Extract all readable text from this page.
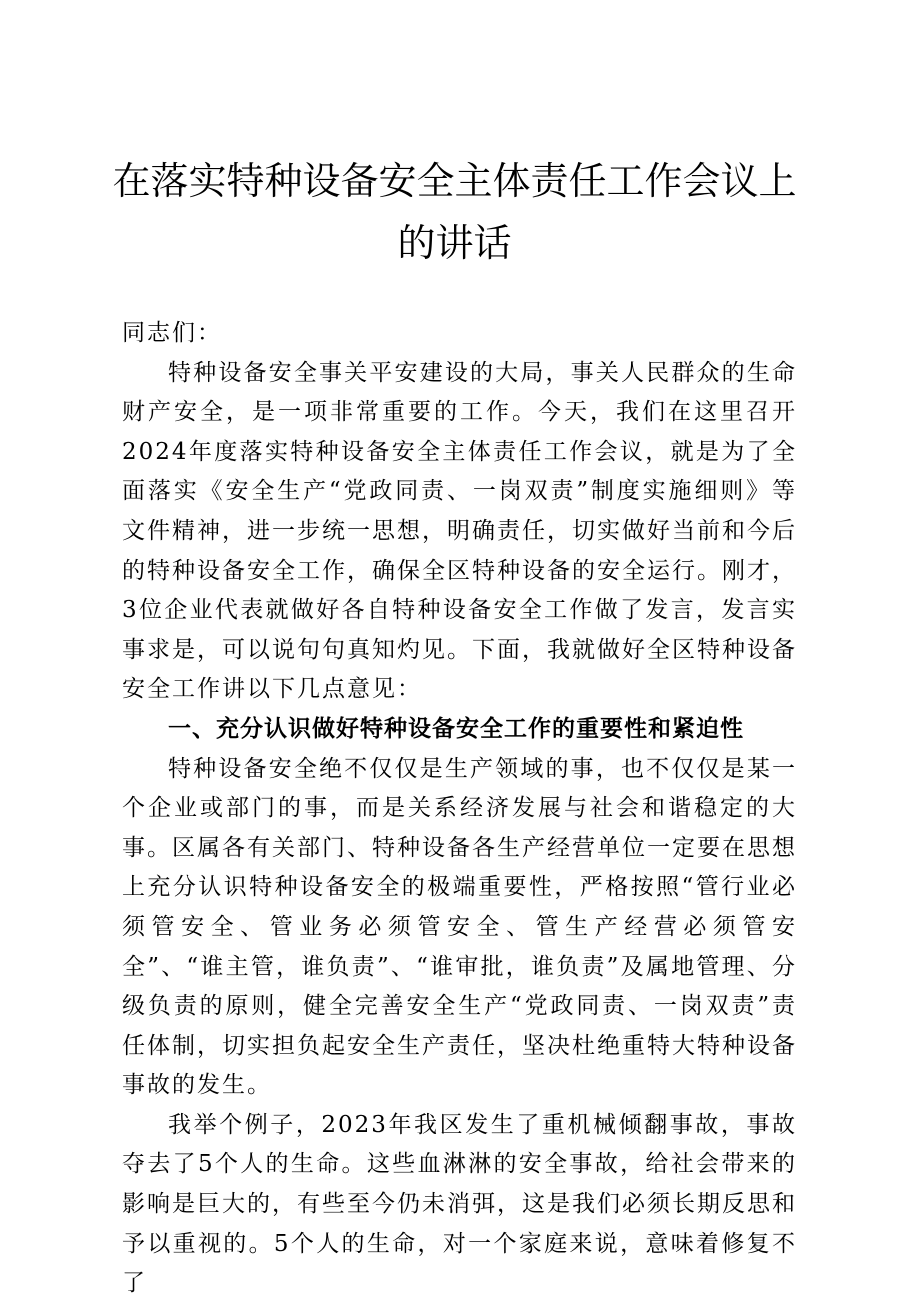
在落实特种设备安全主体责任工作会议上的讲话

同志们：

特种设备安全事关平安建设的大局，事关人民群众的生命财产安全，是一项非常重要的工作。今天，我们在这里召开2024年度落实特种设备安全主体责任工作会议，就是为了全面落实《安全生产“党政同责、一岗双责”制度实施细则》等文件精神，进一步统一思想，明确责任，切实做好当前和今后的特种设备安全工作，确保全区特种设备的安全运行。刚才，3位企业代表就做好各自特种设备安全工作做了发言，发言实事求是，可以说句句真知灼见。下面，我就做好全区特种设备安全工作讲以下几点意见：

一、充分认识做好特种设备安全工作的重要性和紧迫性

特种设备安全绝不仅仅是生产领域的事，也不仅仅是某一个企业或部门的事，而是关系经济发展与社会和谐稳定的大事。区属各有关部门、特种设备各生产经营单位一定要在思想上充分认识特种设备安全的极端重要性，严格按照“管行业必须管安全、管业务必须管安全、管生产经营必须管安全”、“谁主管，谁负责”、“谁审批，谁负责”及属地管理、分级负责的原则，健全完善安全生产“党政同责、一岗双责”责任体制，切实担负起安全生产责任，坚决杜绝重特大特种设备事故的发生。

我举个例子，2023年我区发生了重机械倾翻事故，事故夺去了5个人的生命。这些血淋淋的安全事故，给社会带来的影响是巨大的，有些至今仍未消弭，这是我们必须长期反思和予以重视的。5个人的生命，对一个家庭来说，意味着修复不了
